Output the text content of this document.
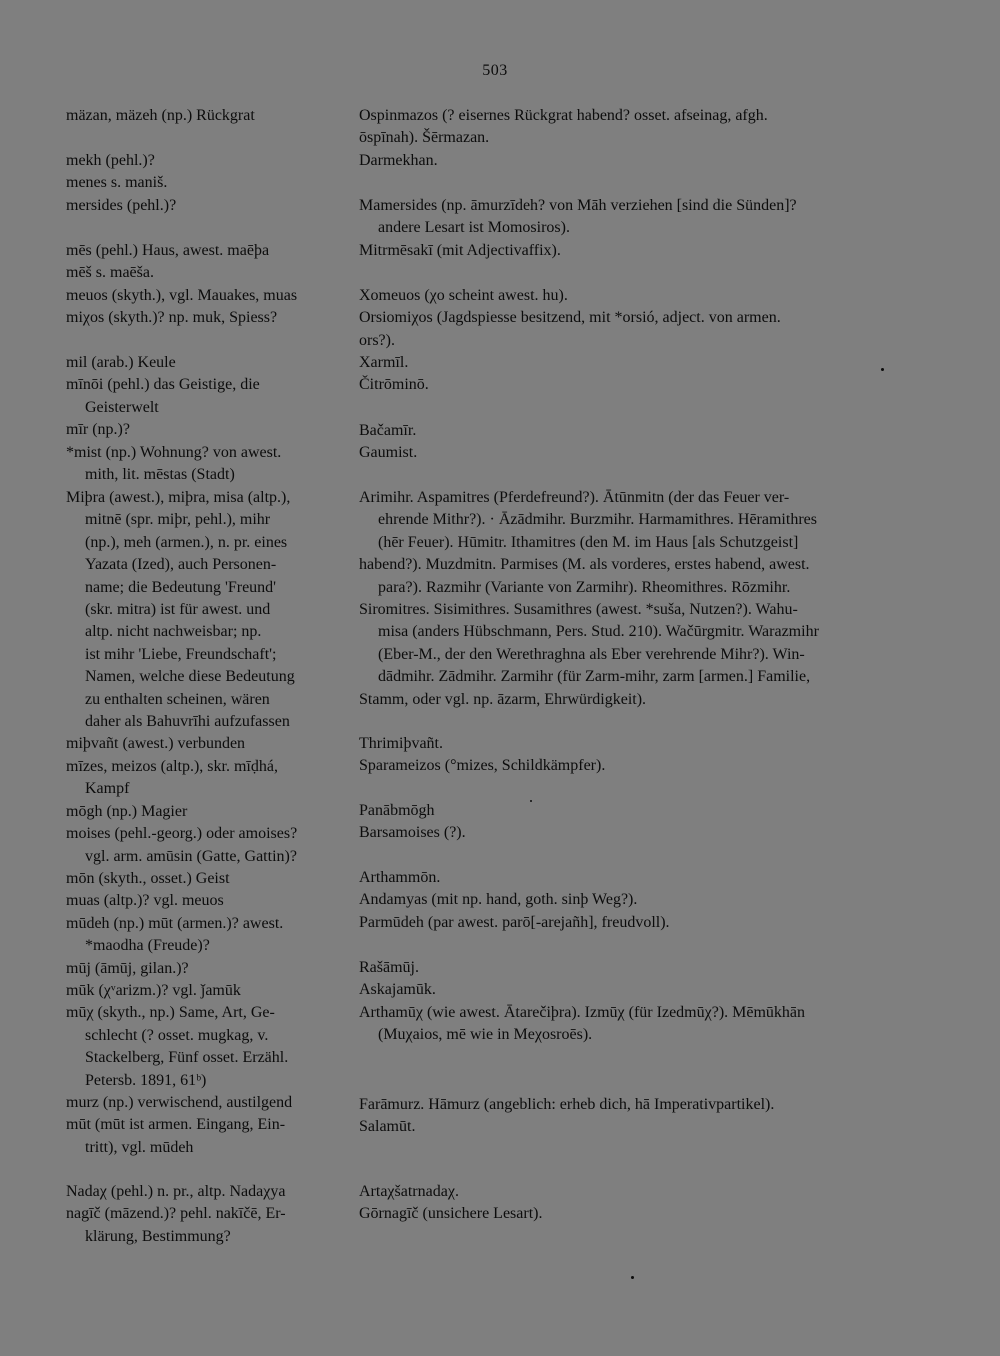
503
mäzan, mäzeh (np.) Rückgrat	Ospinmazos (? eisernes Rückgrat habend? osset. afseinag, afgh.
ōspīnah). Šērmazan.
mekh (pehl.)?
menes s. maniš.
mersides (pehl.)?
Darmekhan.
Mamersides (np. āmurzīdeh? von Māh verziehen [sind die Sünden]?
andere Lesart ist Momosiros).
mēs (pehl.) Haus, awest. maēþa
mēš s. maēša.
meuos (skyth.), vgl. Mauakes, muas
miχos (skyth.)? np. muk, Spiess?
Mitrmēsakī (mit Adjectivaffix).
Xomeuos (χo scheint awest. hu).
Orsiomiχos (Jagdspiesse besitzend, mit *orsió, adject. von armen.
ors?).
mil (arab.) Keule
mīnōi (pehl.) das Geistige, die
Geisterwelt
mīr (np.)?
*mist (np.) Wohnung? von awest.
mith, lit. mēstas (Stadt)
Xarmīl.
Čitrōminō.
Bačamīr.
Gaumist.
Miþra (awest.), miþra, misa (altp.),
mitnē (spr. miþr, pehl.), mihr
(np.), meh (armen.), n. pr. eines
Yazata (Ized), auch Personen-
name; die Bedeutung 'Freund'
(skr. mitra) ist für awest. und
altp. nicht nachweisbar; np.
ist mihr 'Liebe, Freundschaft';
Namen, welche diese Bedeutung
zu enthalten scheinen, wären
daher als Bahuvrīhi aufzufassen
miþvañt (awest.) verbunden
mīzes, meizos (altp.), skr. mīḍhá,
Kampf
mōgh (np.) Magier
moises (pehl.-georg.) oder amoises?
vgl. arm. amūsin (Gatte, Gattin)?
mōn (skyth., osset.) Geist
muas (altp.)? vgl. meuos
mūdeh (np.) mūt (armen.)? awest.
*maodha (Freude)?
mūj (āmūj, gilan.)?
mūk (χᵛarizm.)? vgl. ǰamūk
mūχ (skyth., np.) Same, Art, Ge-
schlecht (? osset. mugkag, v.
Stackelberg, Fünf osset. Erzähl.
Petersb. 1891, 61ᵇ)
murz (np.) verwischend, austilgend
mūt (mūt ist armen. Eingang, Ein-
tritt), vgl. mūdeh
Arimihr. Aspamitres (Pferdefreund?). Ātūnmitn (der das Feuer ver-
ehrende Mithr?). · Āzādmihr. Burzmihr. Harmamithres. Hēramithres
(hēr Feuer). Hūmitr. Ithamitres (den M. im Haus [als Schutzgeist]
habend?). Muzdmitn. Parmises (M. als vorderes, erstes habend, awest.
para?). Razmihr (Variante von Zarmihr). Rheomithres. Rōzmihr.
Siromitres. Sisimithres. Susamithres (awest. *suša, Nutzen?). Wahu-
misa (anders Hübschmann, Pers. Stud. 210). Wačūrgmitr. Warazmihr
(Eber-M., der den Werethraghna als Eber verehrende Mihr?). Win-
dādmihr. Zādmihr. Zarmihr (für Zarm-mihr, zarm [armen.] Familie,
Stamm, oder vgl. np. āzarm, Ehrwürdigkeit).
Thrimiþvañt.
Sparameizos (°mizes, Schildkämpfer).
Panābmōgh
Barsamoises (?).
Arthammōn.
Andamyas (mit np. hand, goth. sinþ Weg?).
Parmūdeh (par awest. parō[-arejañh], freudvoll).
Rašāmūj.
Askajamūk.
Arthamūχ (wie awest. Ātarečiþra). Izmūχ (für Izedmūχ?). Mēmūkhān
(Muχaios, mē wie in Meχosroēs).
Farāmurz. Hāmurz (angeblich: erheb dich, hā Imperativpartikel).
Salamūt.
Nadaχ (pehl.) n. pr., altp. Nadaχya
nagīč (māzend.)? pehl. nakīčē, Er-
klärung, Bestimmung?
Artaχšatrnadaχ.
Gōrnagīč (unsichere Lesart).
